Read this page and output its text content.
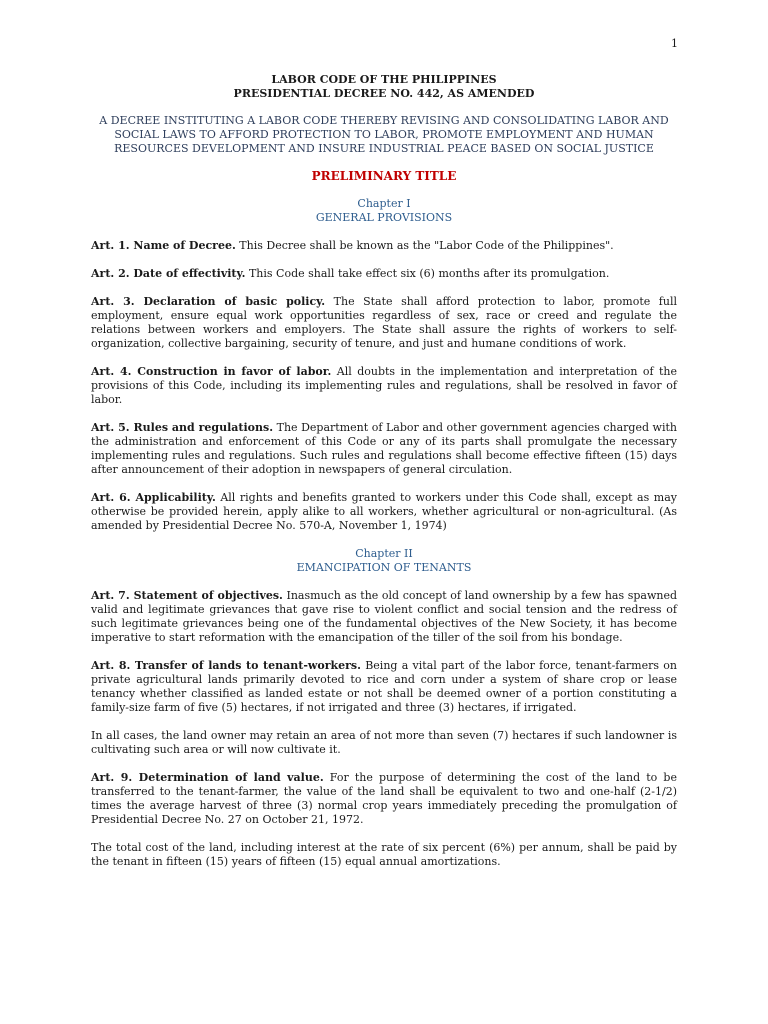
1

LABOR CODE OF THE PHILIPPINES

PRESIDENTIAL DECREE NO. 442, AS AMENDED

A DECREE INSTITUTING A LABOR CODE THEREBY REVISING AND CONSOLIDATING LABOR AND SOCIAL LAWS TO AFFORD PROTECTION TO LABOR, PROMOTE EMPLOYMENT AND HUMAN RESOURCES DEVELOPMENT AND INSURE INDUSTRIAL PEACE BASED ON SOCIAL JUSTICE

PRELIMINARY TITLE

Chapter I
GENERAL PROVISIONS

Art. 1. Name of Decree. This Decree shall be known as the "Labor Code of the Philippines".

Art. 2. Date of effectivity. This Code shall take effect six (6) months after its promulgation.

Art. 3. Declaration of basic policy. The State shall afford protection to labor, promote full employment, ensure equal work opportunities regardless of sex, race or creed and regulate the relations between workers and employers. The State shall assure the rights of workers to self-organization, collective bargaining, security of tenure, and just and humane conditions of work.

Art. 4. Construction in favor of labor. All doubts in the implementation and interpretation of the provisions of this Code, including its implementing rules and regulations, shall be resolved in favor of labor.

Art. 5. Rules and regulations. The Department of Labor and other government agencies charged with the administration and enforcement of this Code or any of its parts shall promulgate the necessary implementing rules and regulations. Such rules and regulations shall become effective fifteen (15) days after announcement of their adoption in newspapers of general circulation.

Art. 6. Applicability. All rights and benefits granted to workers under this Code shall, except as may otherwise be provided herein, apply alike to all workers, whether agricultural or non-agricultural. (As amended by Presidential Decree No. 570-A, November 1, 1974)

Chapter II
EMANCIPATION OF TENANTS

Art. 7. Statement of objectives. Inasmuch as the old concept of land ownership by a few has spawned valid and legitimate grievances that gave rise to violent conflict and social tension and the redress of such legitimate grievances being one of the fundamental objectives of the New Society, it has become imperative to start reformation with the emancipation of the tiller of the soil from his bondage.

Art. 8. Transfer of lands to tenant-workers. Being a vital part of the labor force, tenant-farmers on private agricultural lands primarily devoted to rice and corn under a system of share crop or lease tenancy whether classified as landed estate or not shall be deemed owner of a portion constituting a family-size farm of five (5) hectares, if not irrigated and three (3) hectares, if irrigated.

In all cases, the land owner may retain an area of not more than seven (7) hectares if such landowner is cultivating such area or will now cultivate it.

Art. 9. Determination of land value. For the purpose of determining the cost of the land to be transferred to the tenant-farmer, the value of the land shall be equivalent to two and one-half (2-1/2) times the average harvest of three (3) normal crop years immediately preceding the promulgation of Presidential Decree No. 27 on October 21, 1972.

The total cost of the land, including interest at the rate of six percent (6%) per annum, shall be paid by the tenant in fifteen (15) years of fifteen (15) equal annual amortizations.
